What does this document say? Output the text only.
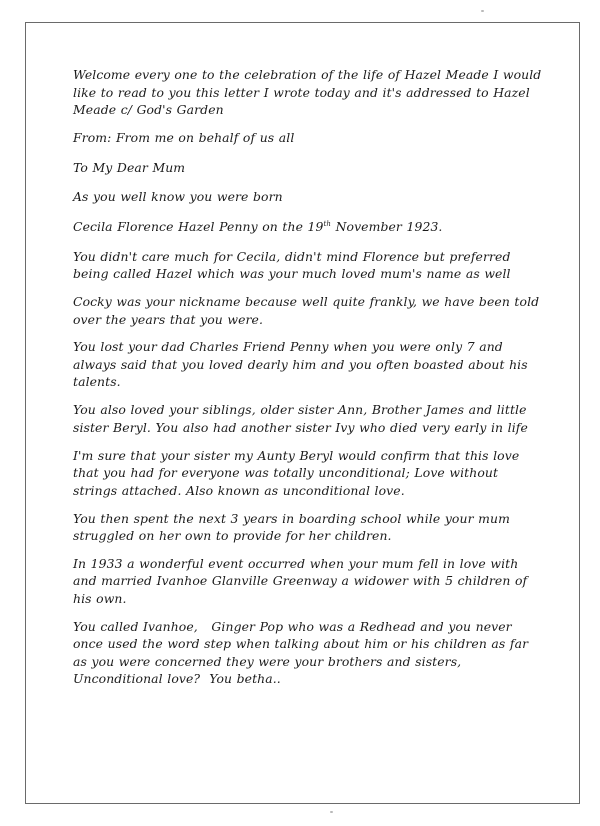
Welcome every one to the celebration of the life of Hazel Meade I would like to read to you this letter I wrote today and it's addressed to Hazel Meade c/ God's Garden

From: From me on behalf of us all

To My Dear Mum

As you well know you were born

Cecila Florence Hazel Penny on the 19th November 1923.

You didn't care much for Cecila, didn't mind Florence but preferred being called Hazel which was your much loved mum's name as well

Cocky was your nickname because well quite frankly, we have been told over the years that you were.

You lost your dad Charles Friend Penny when you were only 7 and always said that you loved dearly him and you often boasted about his talents.

You also loved your siblings, older sister Ann, Brother James and little sister Beryl. You also had another sister Ivy who died very early in life

I'm sure that your sister my Aunty Beryl would confirm that this love that you had for everyone was totally unconditional; Love without strings attached. Also known as unconditional love.

You then spent the next 3 years in boarding school while your mum struggled on her own to provide for her children.

In 1933 a wonderful event occurred when your mum fell in love with and married Ivanhoe Glanville Greenway a widower with 5 children of his own.

You called Ivanhoe,   Ginger Pop who was a Redhead and you never once used the word step when talking about him or his children as far as you were concerned they were your brothers and sisters, Unconditional love?  You betha..
